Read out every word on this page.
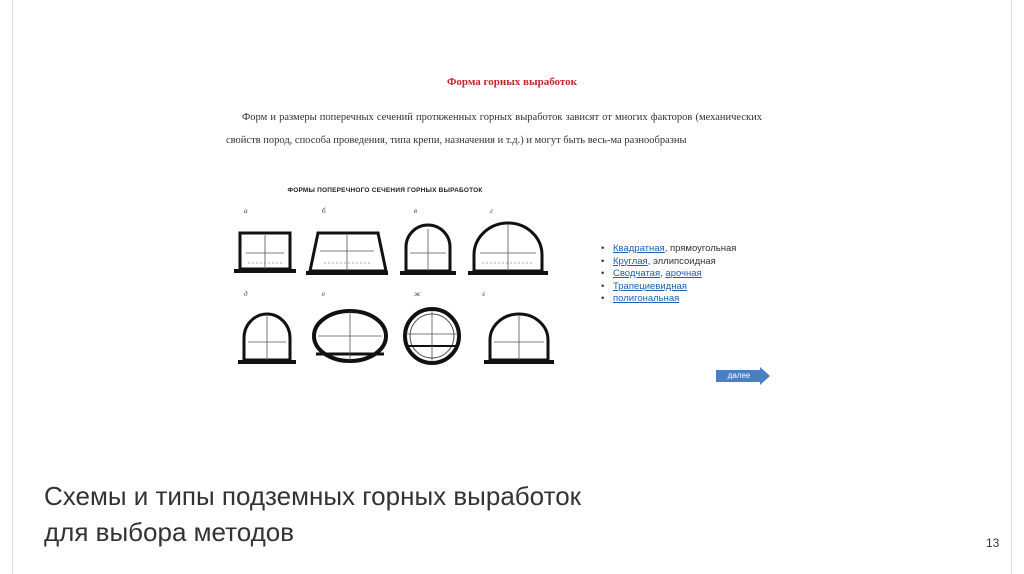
Форма горных выработок
Форм и размеры поперечных сечений протяженных горных выработок зависят от многих факторов (механических свойств пород, способа проведения, типа крепи, назначения и т.д.) и могут быть весь-ма разнообразны
ФОРМЫ ПОПЕРЕЧНОГО СЕЧЕНИЯ ГОРНЫХ ВЫРАБОТОК
а	б	в	г
д	е	ж	з
• Квадратная, прямоугольная
• Круглая, эллипсоидная
• Сводчатая, арочная
• Трапециевидная
• полигональная
далее
Схемы и типы подземных горных выработок
для выбора методов	13
